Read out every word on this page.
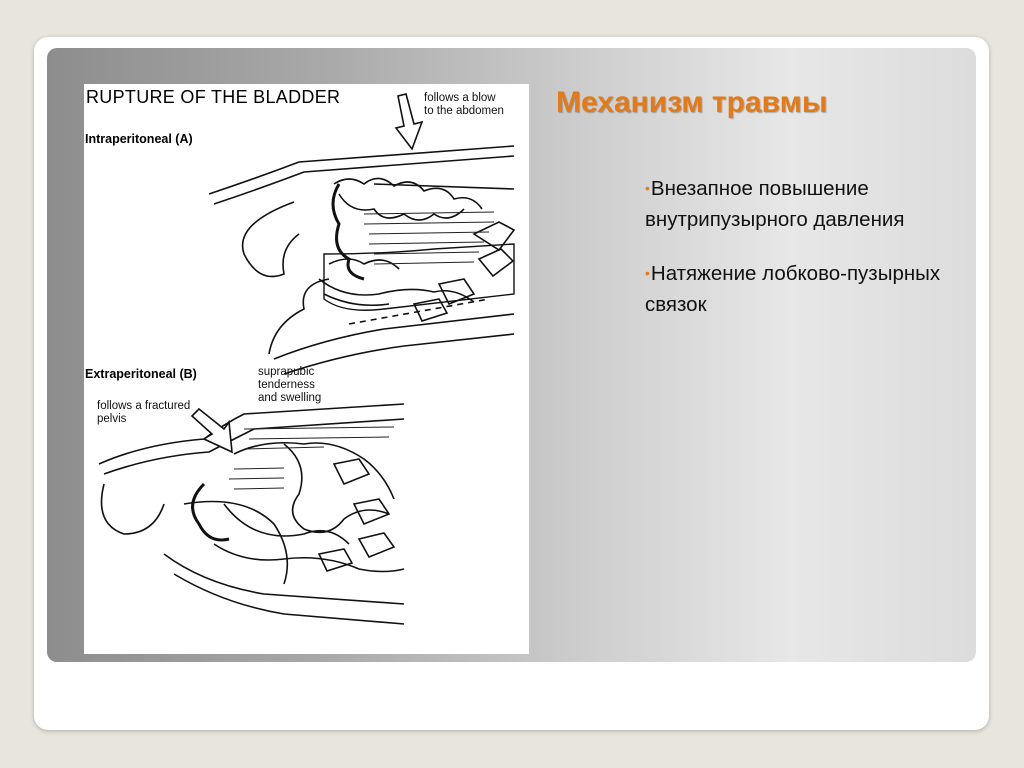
RUPTURE OF THE BLADDER
Intraperitoneal (A)
Extraperitoneal (B)
follows a blow
to the abdomen
suprapubic
tenderness
and swelling
follows a fractured
pelvis
Механизм травмы
•Внезапное повышение внутрипузырного давления
•Натяжение лобково-пузырных связок
